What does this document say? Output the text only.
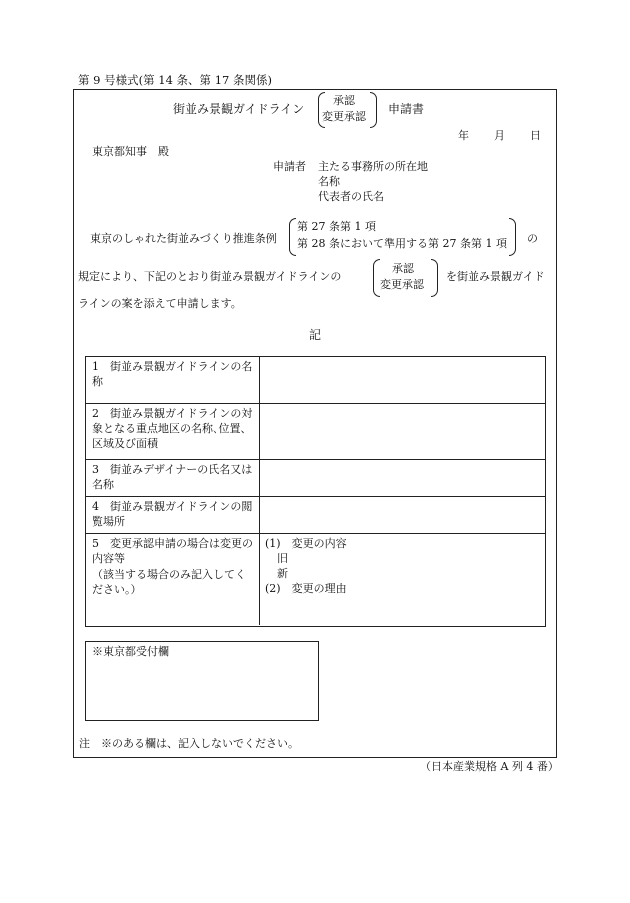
第 9 号様式(第 14 条、第 17 条関係)
街並み景観ガイドライン
承認
変更承認
申請書
年 月 日
東京都知事　殿
申請者 主たる事務所の所在地
名称
代表者の氏名
東京のしゃれた街並みづくり推進条例
第 27 条第 1 項
第 28 条において準用する第 27 条第 1 項 の
規定により、下記のとおり街並み景観ガイドラインの
承認
変更承認
を街並み景観ガイド
ラインの案を添えて申請します。
記
1　街並み景観ガイドラインの名称
2　街並み景観ガイドラインの対象となる重点地区の名称､位置、区域及び面積
3　街並みデザイナーの氏名又は名称
4　街並み景観ガイドラインの閲覧場所
5　変更承認申請の場合は変更の内容等
（該当する場合のみ記入してください。）
(1)　変更の内容
旧
新
(2)　変更の理由
※東京都受付欄
注　※のある欄は、記入しないでください。
（日本産業規格 A 列 4 番）
